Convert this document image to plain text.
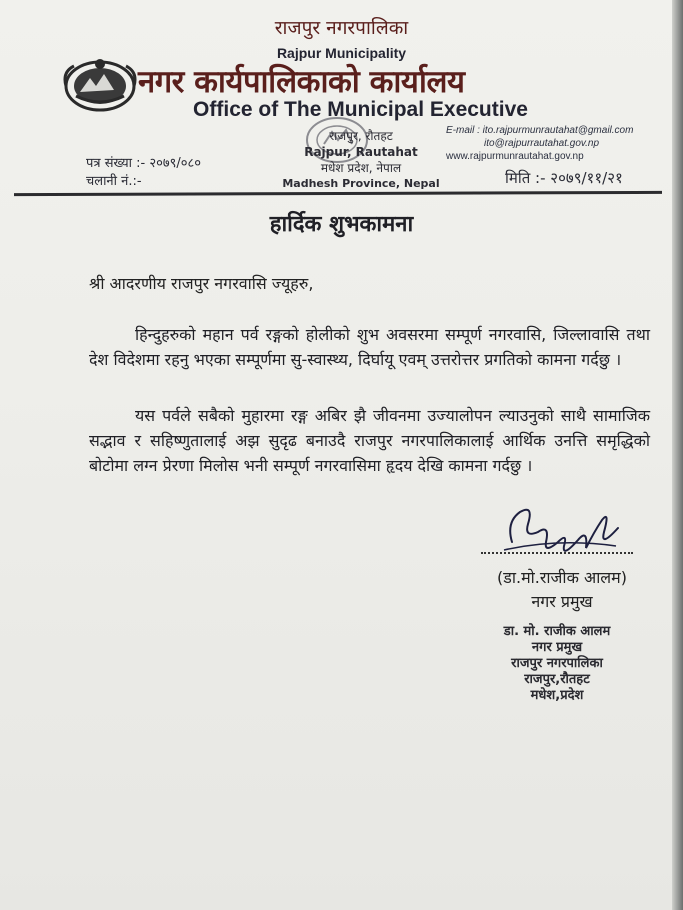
राजपुर नगरपालिका
Rajpur Municipality
नगर कार्यपालिकाको कार्यालय
Office of The Municipal Executive
राजपुर, रौतहट
Rajpur, Rautahat
मधेश प्रदेश, नेपाल
Madhesh Province, Nepal
E-mail : ito.rajpurmunrautahat@gmail.com
ito@rajpurrautahat.gov.np
www.rajpurmunrautahat.gov.np
पत्र संख्या :- २०७९/०८०
चलानी नं.:-	मिति :- २०७९/११/२१
हार्दिक शुभकामना
श्री आदरणीय राजपुर नगरवासि ज्यूहरु,
हिन्दुहरुको महान पर्व रङ्गको होलीको शुभ अवसरमा सम्पूर्ण नगरवासि, जिल्लावासि तथा देश विदेशमा रहनु भएका सम्पूर्णमा सु-स्वास्थ्य, दिर्घायू एवम् उत्तरोत्तर प्रगतिको कामना गर्दछु ।
यस पर्वले सबैको मुहारमा रङ्ग अबिर झै जीवनमा उज्यालोपन ल्याउनुको साथै सामाजिक सद्भाव र सहिष्णुतालाई अझ सुदृढ बनाउदै राजपुर नगरपालिकालाई आर्थिक उनत्ति समृद्धिको बोटोमा लग्न प्रेरणा मिलोस भनी सम्पूर्ण नगरवासिमा हृदय देखि कामना गर्दछु ।
(डा.मो.राजीक आलम)
नगर प्रमुख
डा. मो. राजीक आलम
नगर प्रमुख
राजपुर नगरपालिका
राजपुर,रौतहट
मधेश,प्रदेश
